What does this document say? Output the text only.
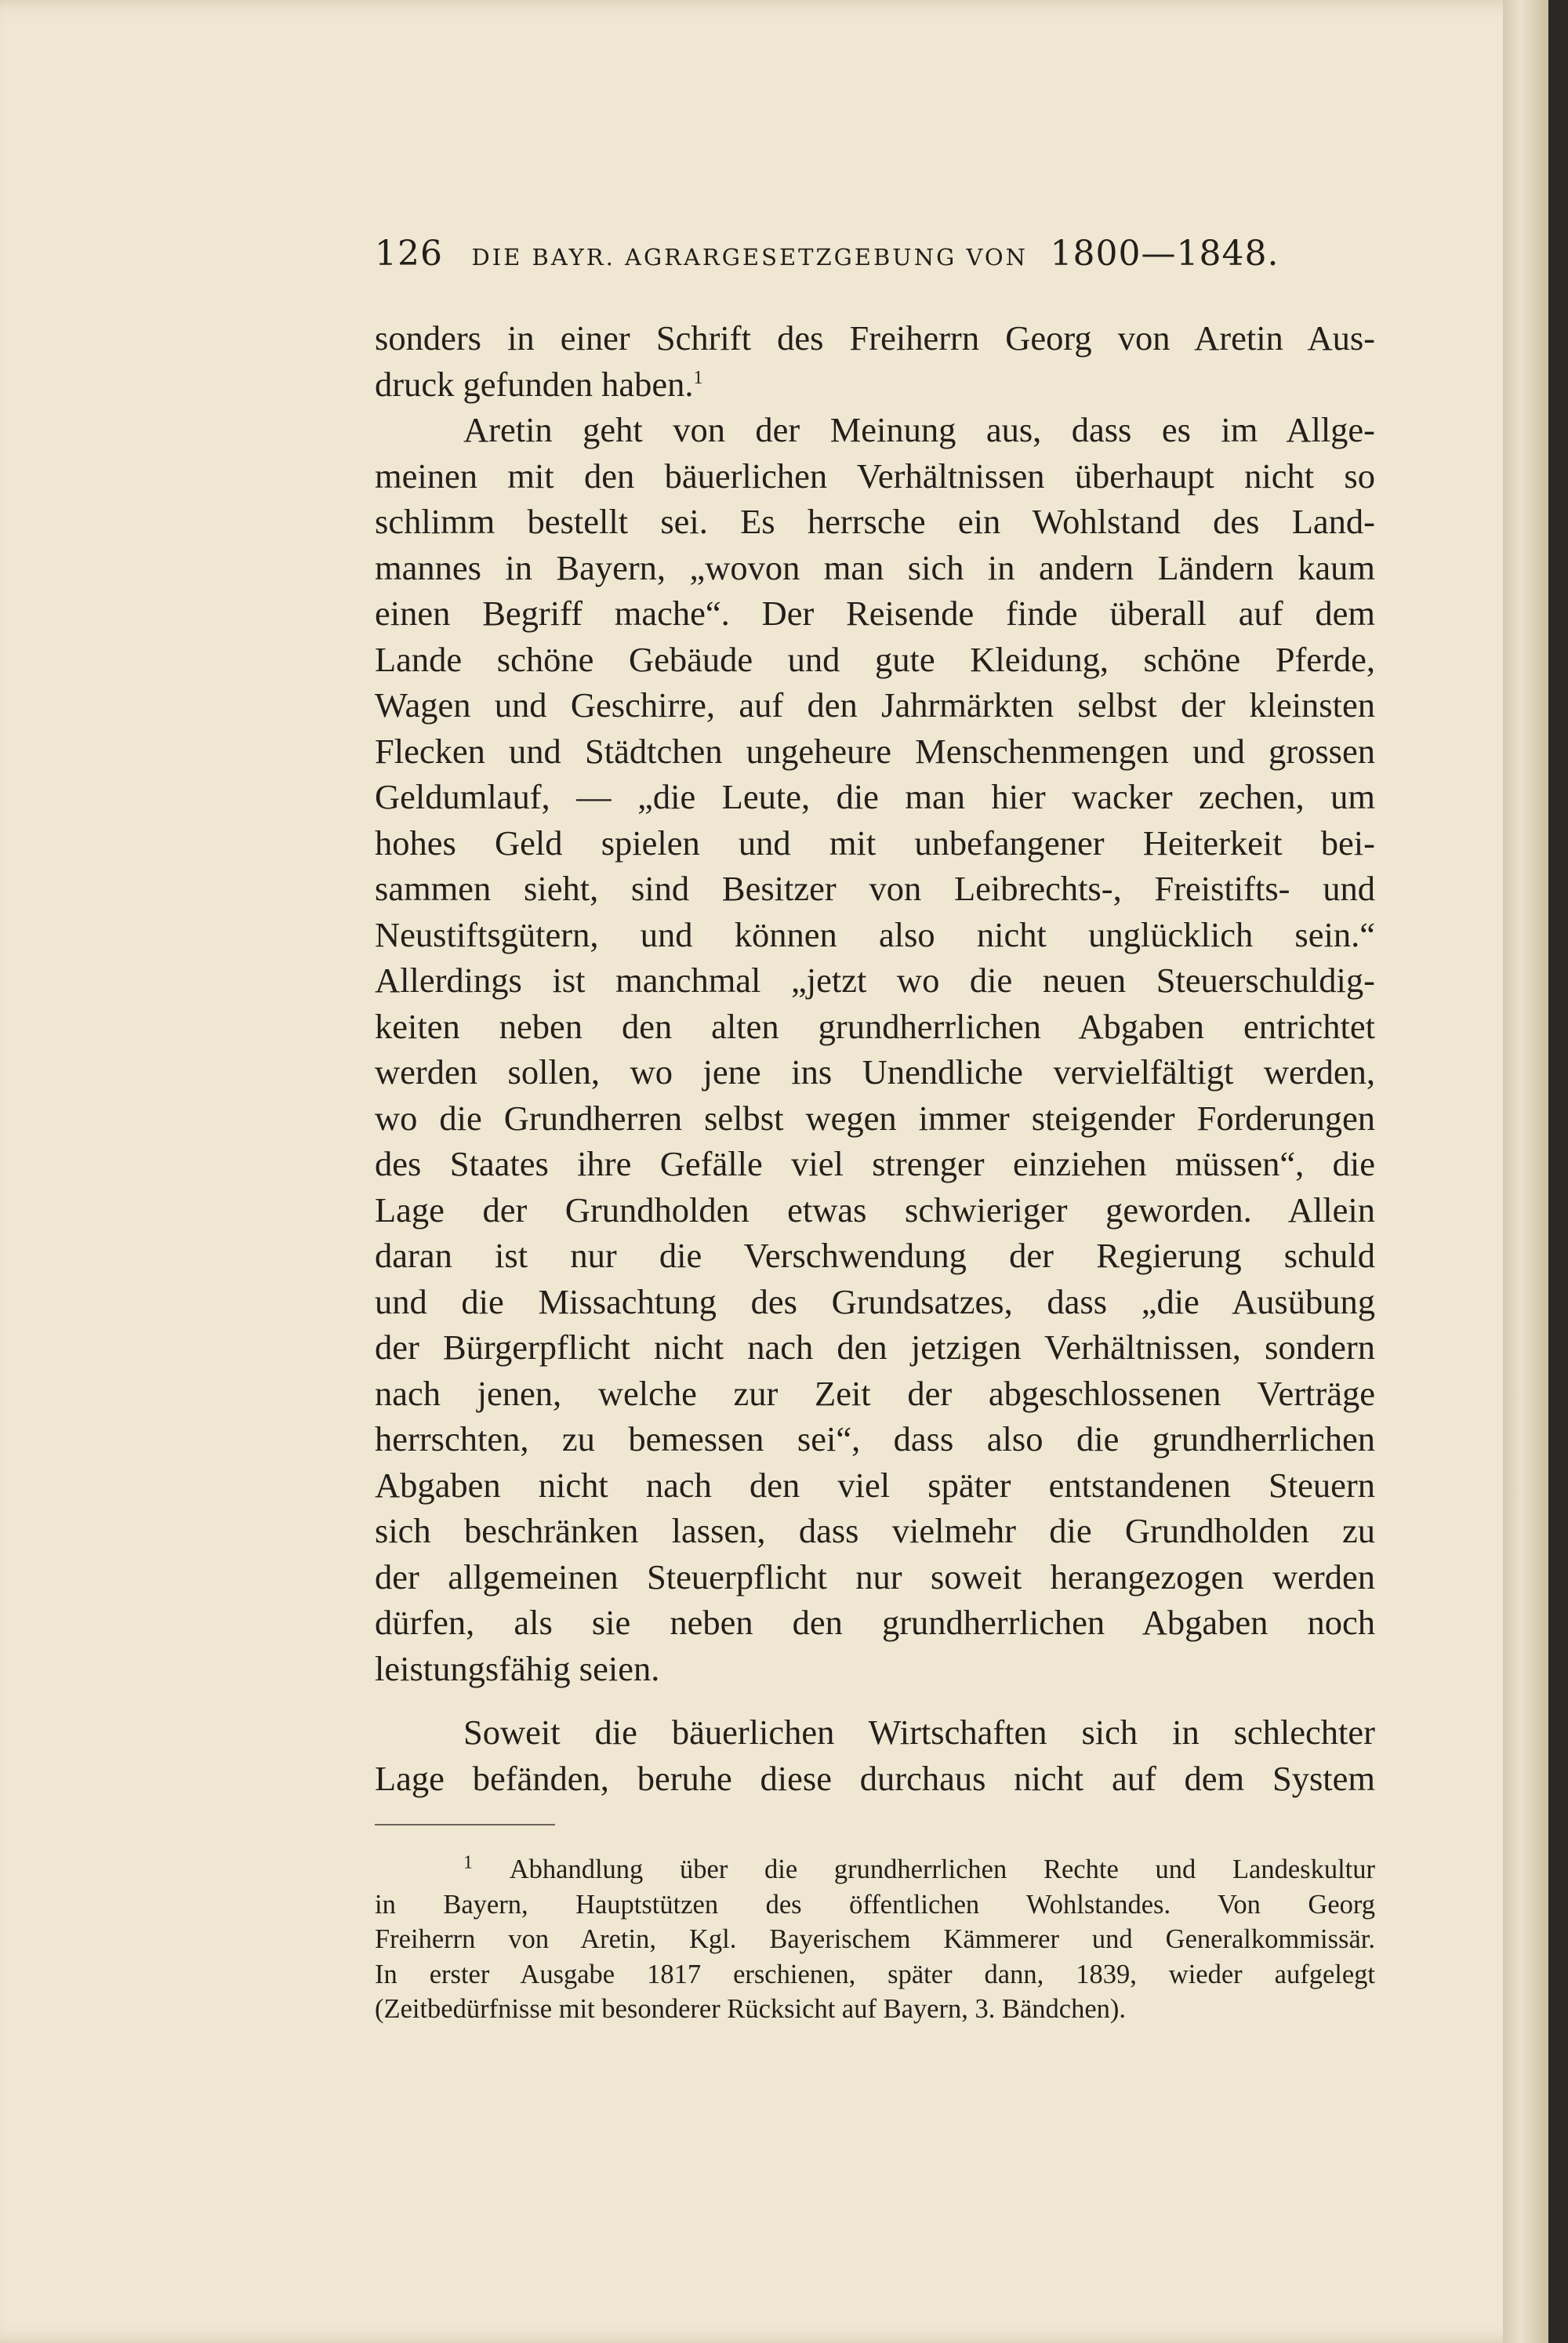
126 DIE BAYR. AGRARGESETZGEBUNG VON 1800—1848.
sonders in einer Schrift des Freiherrn Georg von Aretin Aus-
druck gefunden haben.$^1$
Aretin geht von der Meinung aus, dass es im Allge-
meinen mit den bäuerlichen Verhältnissen überhaupt nicht so
schlimm bestellt sei. Es herrsche ein Wohlstand des Land-
mannes in Bayern, „wovon man sich in andern Ländern kaum
einen Begriff mache“. Der Reisende finde überall auf dem
Lande schöne Gebäude und gute Kleidung, schöne Pferde,
Wagen und Geschirre, auf den Jahrmärkten selbst der kleinsten
Flecken und Städtchen ungeheure Menschenmengen und grossen
Geldumlauf, — „die Leute, die man hier wacker zechen, um
hohes Geld spielen und mit unbefangener Heiterkeit bei-
sammen sieht, sind Besitzer von Leibrechts-, Freistifts- und
Neustiftsgütern, und können also nicht unglücklich sein.“
Allerdings ist manchmal „jetzt wo die neuen Steuerschuldig-
keiten neben den alten grundherrlichen Abgaben entrichtet
werden sollen, wo jene ins Unendliche vervielfältigt werden,
wo die Grundherren selbst wegen immer steigender Forderungen
des Staates ihre Gefälle viel strenger einziehen müssen“, die
Lage der Grundholden etwas schwieriger geworden. Allein
daran ist nur die Verschwendung der Regierung schuld
und die Missachtung des Grundsatzes, dass „die Ausübung
der Bürgerpflicht nicht nach den jetzigen Verhältnissen, sondern
nach jenen, welche zur Zeit der abgeschlossenen Verträge
herrschten, zu bemessen sei“, dass also die grundherrlichen
Abgaben nicht nach den viel später entstandenen Steuern
sich beschränken lassen, dass vielmehr die Grundholden zu
der allgemeinen Steuerpflicht nur soweit herangezogen werden
dürfen, als sie neben den grundherrlichen Abgaben noch
leistungsfähig seien.
Soweit die bäuerlichen Wirtschaften sich in schlechter
Lage befänden, beruhe diese durchaus nicht auf dem System
$^1$ Abhandlung über die grundherrlichen Rechte und Landeskultur
in Bayern, Hauptstützen des öffentlichen Wohlstandes. Von Georg
Freiherrn von Aretin, Kgl. Bayerischem Kämmerer und Generalkommissär.
In erster Ausgabe 1817 erschienen, später dann, 1839, wieder aufgelegt
(Zeitbedürfnisse mit besonderer Rücksicht auf Bayern, 3. Bändchen).
